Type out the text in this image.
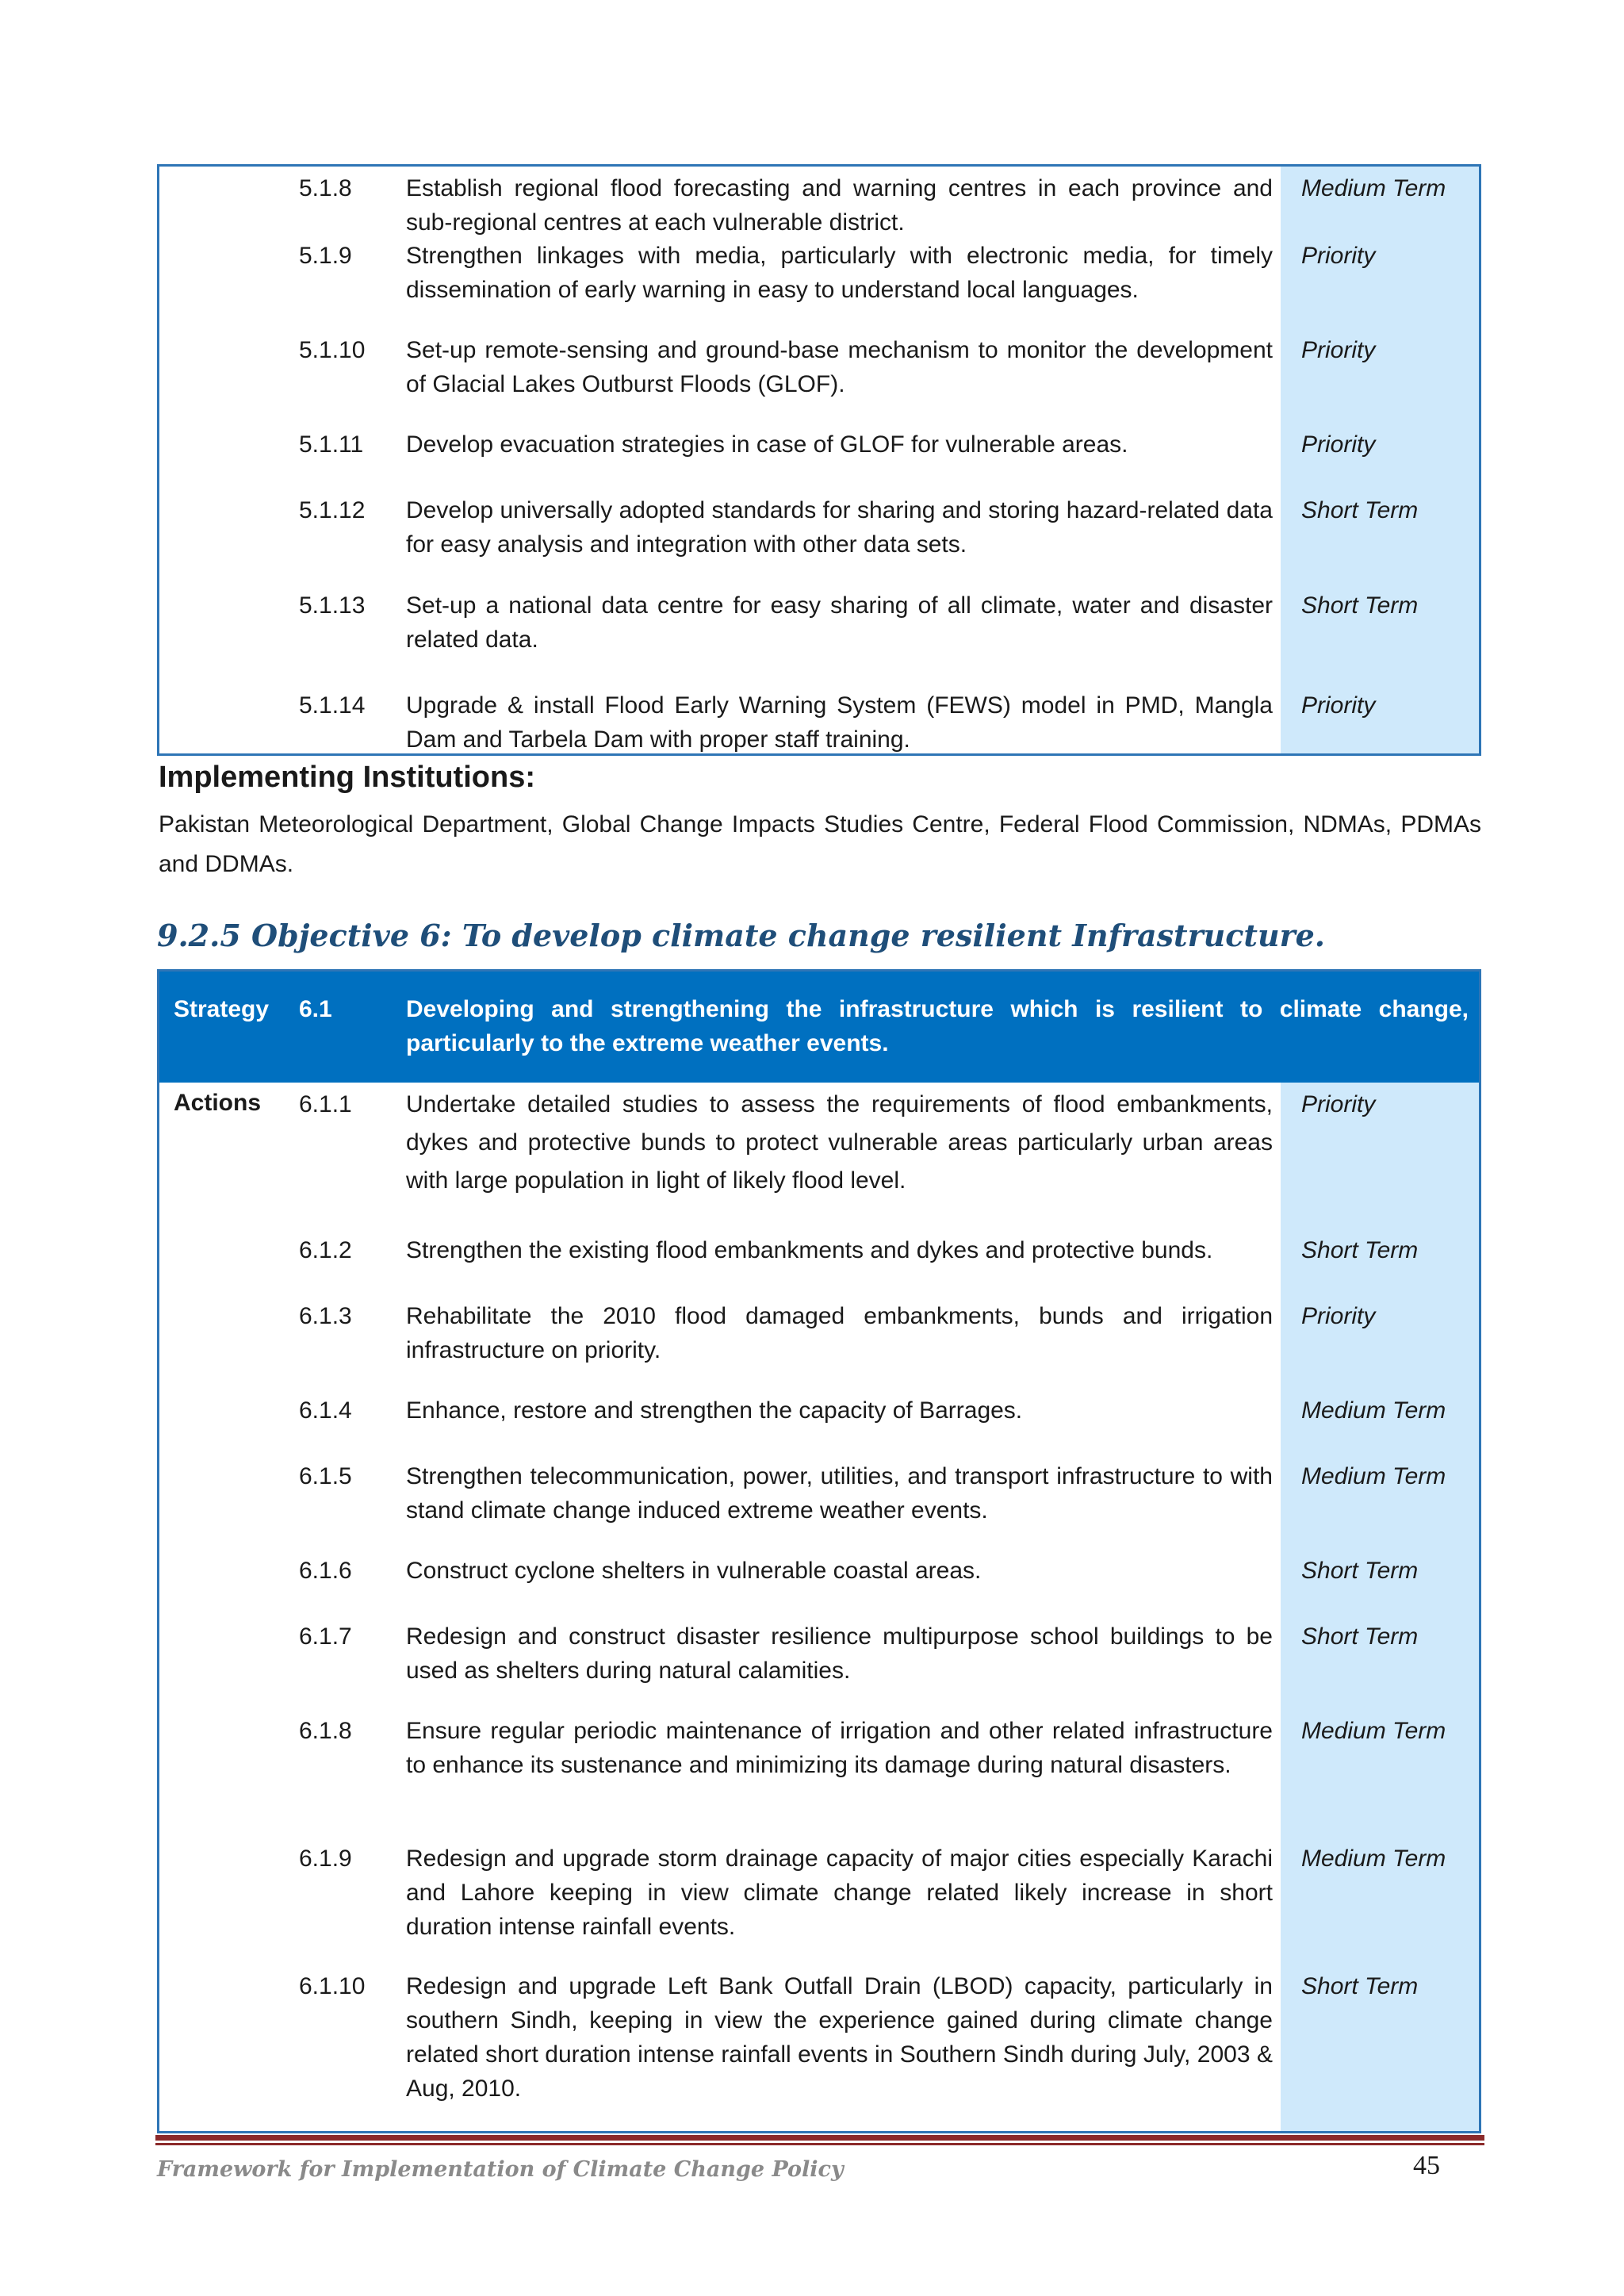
5.1.8	Establish regional flood forecasting and warning centres in each province and sub-regional centres at each vulnerable district.
Medium Term
5.1.9	Strengthen linkages with media, particularly with electronic media, for timely dissemination of early warning in easy to understand local languages.
Priority
5.1.10	Set-up remote-sensing and ground-base mechanism to monitor the development of Glacial Lakes Outburst Floods (GLOF).
Priority
5.1.11	Develop evacuation strategies in case of GLOF for vulnerable areas.	Priority
5.1.12	Develop universally adopted standards for sharing and storing hazard-related data for easy analysis and integration with other data sets.
Short Term
5.1.13	Set-up a national data centre for easy sharing of all climate, water and disaster related data.
Short Term
5.1.14	Upgrade & install Flood Early Warning System (FEWS) model in PMD, Mangla Dam and Tarbela Dam with proper staff training.
Priority
Implementing Institutions:

Pakistan Meteorological Department, Global Change Impacts Studies Centre, Federal Flood Commission, NDMAs, PDMAs and DDMAs.

9.2.5 Objective 6: To develop climate change resilient Infrastructure.
Strategy 6.1	Developing and strengthening the infrastructure which is resilient to climate change, particularly to the extreme weather events.
Actions 6.1.1	Undertake detailed studies to assess the requirements of flood embankments, dykes and protective bunds to protect vulnerable areas particularly urban areas with large population in light of likely flood level.
Priority
6.1.2	Strengthen the existing flood embankments and dykes and protective bunds.	Short Term
6.1.3	Rehabilitate the 2010 flood damaged embankments, bunds and irrigation infrastructure on priority.
Priority
6.1.4	Enhance, restore and strengthen the capacity of Barrages.	Medium Term
6.1.5	Strengthen telecommunication, power, utilities, and transport infrastructure to with stand climate change induced extreme weather events.
Medium Term
6.1.6	Construct cyclone shelters in vulnerable coastal areas.	Short Term
6.1.7	Redesign and construct disaster resilience multipurpose school buildings to be used as shelters during natural calamities.
Short Term
6.1.8	Ensure regular periodic maintenance of irrigation and other related infrastructure to enhance its sustenance and minimizing its damage during natural disasters.
Medium Term
6.1.9	Redesign and upgrade storm drainage capacity of major cities especially Karachi and Lahore keeping in view climate change related likely increase in short duration intense rainfall events.
Medium Term
6.1.10	Redesign and upgrade Left Bank Outfall Drain (LBOD) capacity, particularly in southern Sindh, keeping in view the experience gained during climate change related short duration intense rainfall events in Southern Sindh during July, 2003 & Aug, 2010.
Short Term
Framework for Implementation of Climate Change Policy	45
